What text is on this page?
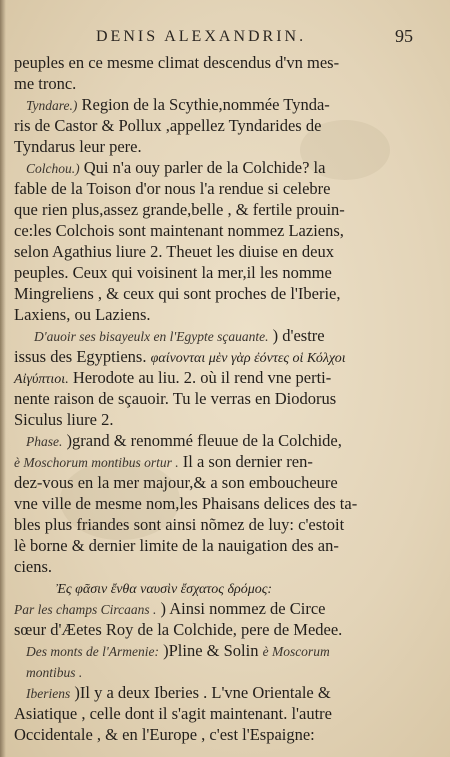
DENIS ALEXANDRIN.	95
peuples en ce mesme climat descendus d'vn mes-
me tronc.
Tyndare.) Region de la Scythie,nommée Tynda-
ris de Castor & Pollux ,appellez Tyndarides de
Tyndarus leur pere.
Colchou.) Qui n'a ouy parler de la Colchide? la
fable de la Toison d'or nous l'a rendue si celebre
que rien plus,assez grande,belle , & fertile prouin-
ce:les Colchois sont maintenant nommez Laziens,
selon Agathius liure 2. Theuet les diuise en deux
peuples. Ceux qui voisinent la mer,il les nomme
Mingreliens , & ceux qui sont proches de l'Iberie,
Laxiens, ou Laziens.
D'auoir ses bisayeulx en l'Egypte sçauante. ) d'estre
issus des Egyptiens. φαίνονται μὲν γὰρ ἐόντες οἱ Κόλχοι
Αἰγύπτιοι. Herodote au liu. 2. où il rend vne perti-
nente raison de sçauoir. Tu le verras en Diodorus
Siculus liure 2.
Phase. )grand & renommé fleuue de la Colchide,
è Moschorum montibus ortur . Il a son dernier ren-
dez-vous en la mer majour,& a son emboucheure
vne ville de mesme nom,les Phaisans delices des ta-
bles plus friandes sont ainsi nõmez de luy: c'estoit
lè borne & dernier limite de la nauigation des an-
ciens.
Ἐς φᾶσιν ἔνθα ναυσὶν ἔσχατος δρόμος:
Par les champs Circaans . ) Ainsi nommez de Circe
sœur d'Æetes Roy de la Colchide, pere de Medee.
Des monts de l'Armenie: )Pline & Solin è Moscorum
montibus .
Iberiens )Il y a deux Iberies . L'vne Orientale &
Asiatique , celle dont il s'agit maintenant. l'autre
Occidentale , & en l'Europe , c'est l'Espaigne:
